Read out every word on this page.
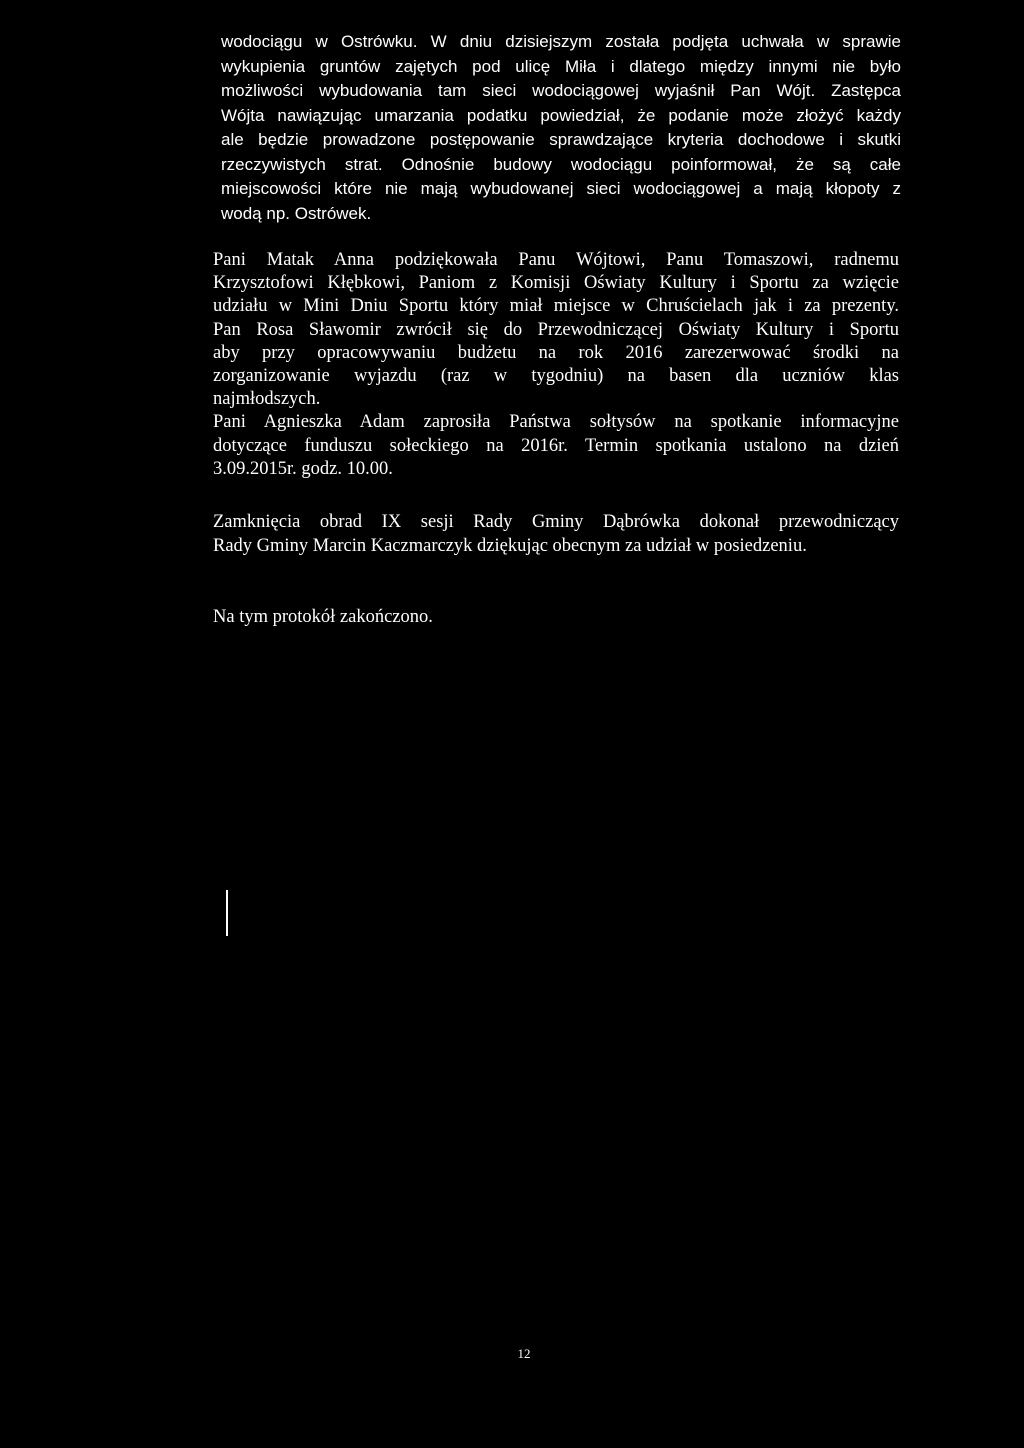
wodociągu w Ostrówku. W dniu dzisiejszym została podjęta uchwała w sprawie
wykupienia gruntów zajętych pod ulicę Miła i dlatego między innymi nie było
możliwości wybudowania tam sieci wodociągowej wyjaśnił Pan Wójt. Zastępca
Wójta nawiązując umarzania podatku powiedział, że podanie może złożyć każdy
ale będzie prowadzone postępowanie sprawdzające kryteria dochodowe i skutki
rzeczywistych strat. Odnośnie budowy wodociągu poinformował, że są całe
miejscowości które nie mają wybudowanej sieci wodociągowej a mają kłopoty z
wodą np. Ostrówek.

Pani Matak Anna podziękowała Panu Wójtowi, Panu Tomaszowi, radnemu
Krzysztofowi Kłębkowi, Paniom z Komisji Oświaty Kultury i Sportu za wzięcie
udziału w Mini Dniu Sportu który miał miejsce w Chruścielach jak i za prezenty.
Pan Rosa Sławomir zwrócił się do Przewodniczącej Oświaty Kultury i Sportu
aby przy opracowywaniu budżetu na rok 2016 zarezerwować środki na
zorganizowanie wyjazdu (raz w tygodniu) na basen dla uczniów klas
najmłodszych.
Pani Agnieszka Adam zaprosiła Państwa sołtysów na spotkanie informacyjne
dotyczące funduszu sołeckiego na 2016r. Termin spotkania ustalono na dzień
3.09.2015r. godz. 10.00.

Zamknięcia obrad IX sesji Rady Gminy Dąbrówka dokonał przewodniczący
Rady Gminy Marcin Kaczmarczyk dziękując obecnym za udział w posiedzeniu.

Na tym protokół zakończono.

12
